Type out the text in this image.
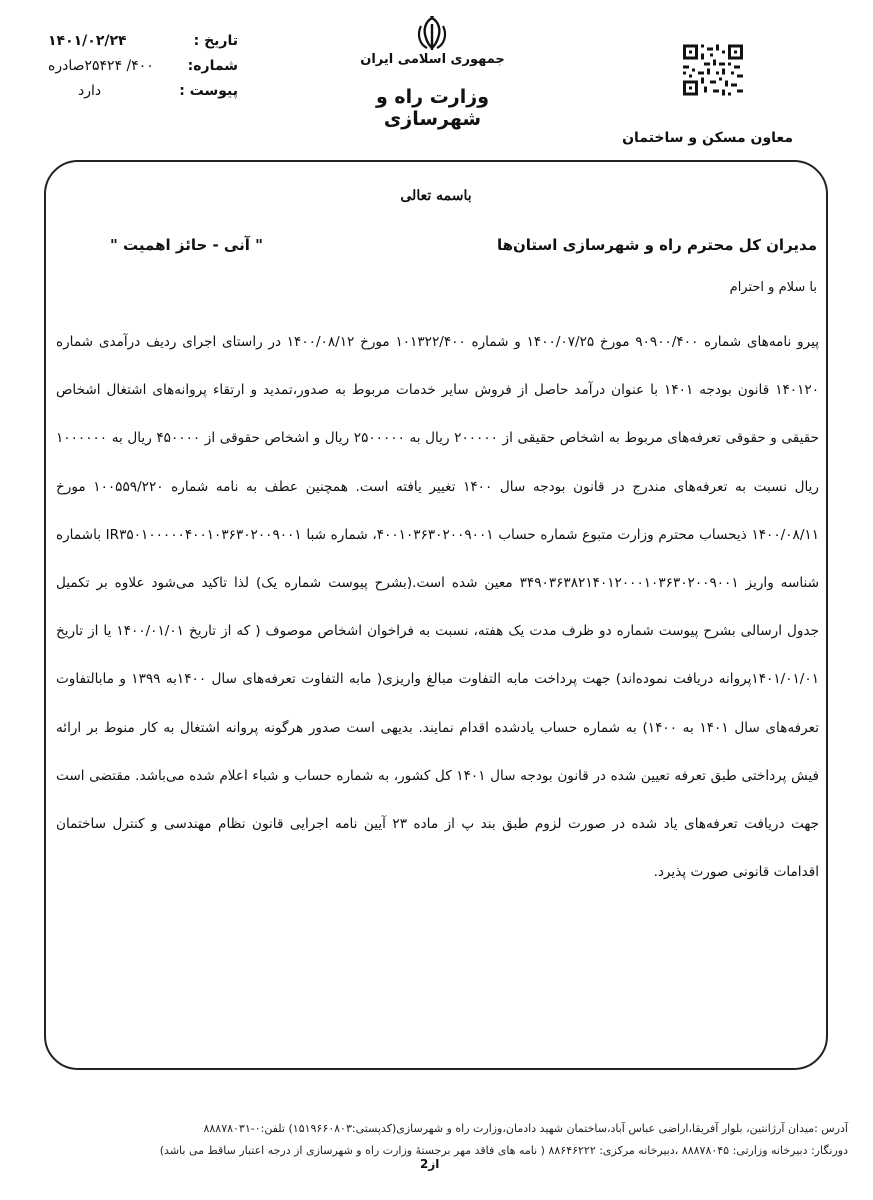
تاریخ :
۱۴۰۱/۰۲/۲۴
شماره:
۴۰۰/ ۲۵۴۲۴صادره
پیوست :
دارد
جمهوری اسلامی ایران
وزارت راه و شهرسازی
معاون مسکن و ساختمان
باسمه تعالی
مدیران کل محترم راه و شهرسازی استان‌ها
" آنی - حائز اهمیت "
با سلام و احترام
پیرو نامه‌های شماره ۹۰۹۰۰/۴۰۰ مورخ ۱۴۰۰/۰۷/۲۵ و شماره ۱۰۱۳۲۲/۴۰۰ مورخ ۱۴۰۰/۰۸/۱۲ در راستای اجرای ردیف درآمدی شماره ۱۴۰۱۲۰ قانون بودجه ۱۴۰۱ با عنوان درآمد حاصل از فروش سایر خدمات مربوط به صدور،تمدید و ارتقاء پروانه‌های اشتغال اشخاص حقیقی و حقوقی تعرفه‌های مربوط به اشخاص حقیقی از ۲۰۰۰۰۰ ریال به ۲۵۰۰۰۰۰ ریال و اشخاص حقوقی از ۴۵۰۰۰۰ ریال به ۱۰۰۰۰۰۰ ریال نسبت به تعرفه‌های مندرج در قانون بودجه سال ۱۴۰۰ تغییر یافته است. همچنین عطف به نامه شماره ۱۰۰۵۵۹/۲۲۰ مورخ ۱۴۰۰/۰۸/۱۱ ذیحساب محترم وزارت متبوع شماره حساب ۴۰۰۱۰۳۶۳۰۲۰۰۹۰۰۱، شماره شبا IR۳۵۰۱۰۰۰۰۰۴۰۰۱۰۳۶۳۰۲۰۰۹۰۰۱ باشماره شناسه واریز ۳۴۹۰۳۶۳۸۲۱۴۰۱۲۰۰۰۱۰۳۶۳۰۲۰۰۹۰۰۱ معین شده است.(بشرح پیوست شماره یک) لذا تاکید می‌شود علاوه بر تکمیل جدول ارسالی بشرح پیوست شماره دو ظرف مدت یک هفته، نسبت به فراخوان اشخاص موصوف ( که از تاریخ ۱۴۰۰/۰۱/۰۱ یا از تاریخ ۱۴۰۱/۰۱/۰۱پروانه دریافت نموده‌اند) جهت پرداخت مابه التفاوت مبالغ واریزی( مابه التفاوت تعرفه‌های سال ۱۴۰۰به ۱۳۹۹ و مابالتفاوت تعرفه‌های سال ۱۴۰۱ به ۱۴۰۰) به شماره حساب یادشده اقدام نمایند. بدیهی است صدور هرگونه پروانه اشتغال به کار منوط بر ارائه فیش پرداختی طبق تعرفه تعیین شده در قانون بودجه سال ۱۴۰۱ کل کشور، به شماره حساب و شباء اعلام شده می‌باشد. مقتضی است جهت دریافت تعرفه‌های یاد شده در صورت لزوم طبق بند پ از ماده ۲۳ آیین نامه اجرایی قانون نظام مهندسی و کنترل ساختمان اقدامات قانونی صورت پذیرد.
آدرس :میدان آرژانتین، بلوار آفریقا،اراضی عباس آباد،ساختمان شهید دادمان،وزارت راه و شهرسازی(کدپستی:۱۵۱۹۶۶۰۸۰۳) تلفن:۰-۸۸۸۷۸۰۳۱
دورنگار: دبیرخانه وزارتی: ۸۸۸۷۸۰۴۵ ،دبیرخانه مرکزی: ۸۸۶۴۶۲۲۲ ( نامه های فاقد مهر برجستهٔ وزارت راه و شهرسازی از درجه اعتبار ساقط می باشد)
از2
